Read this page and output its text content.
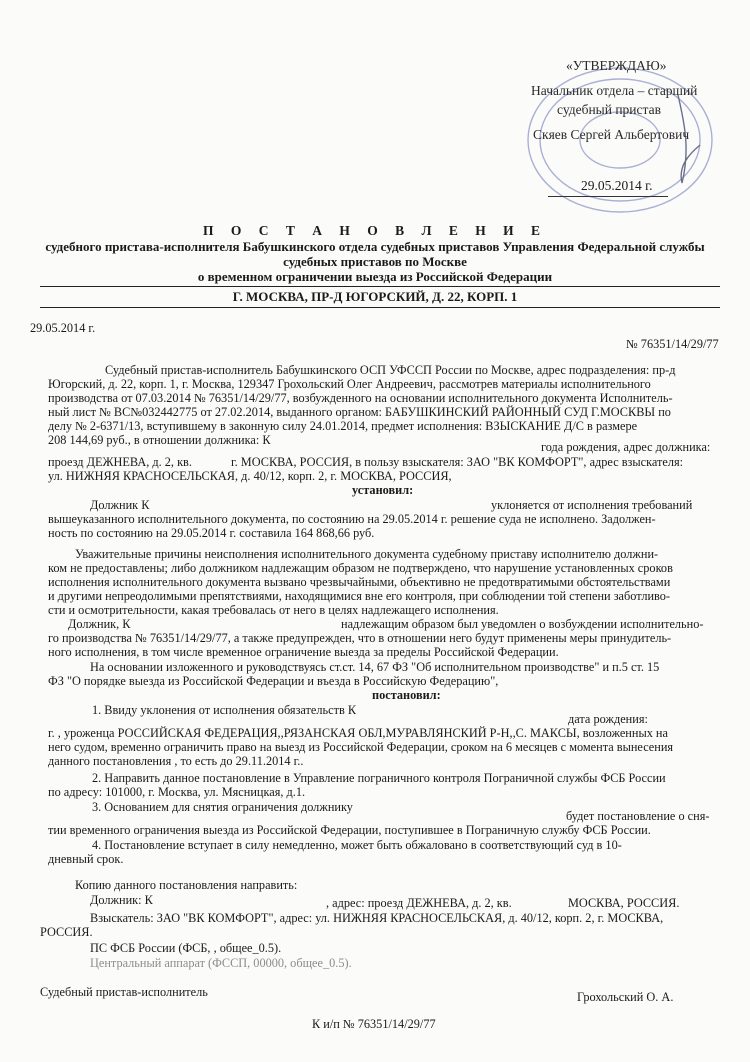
«УТВЕРЖДАЮ»
Начальник отдела – старший
судебный пристав
Скяев Сергей Альбертович
29.05.2014 г.
П О С Т А Н О В Л Е Н И Е
судебного пристава-исполнителя Бабушкинского отдела судебных приставов Управления Федеральной службы
судебных приставов по Москве
о временном ограничении выезда из Российской Федерации
Г. МОСКВА, ПР-Д ЮГОРСКИЙ, Д. 22, КОРП. 1
29.05.2014 г.
№ 76351/14/29/77
Судебный пристав-исполнитель Бабушкинского ОСП УФССП России по Москве, адрес подразделения: пр-д
Югорский, д. 22, корп. 1, г. Москва, 129347 Грохольский Олег Андреевич, рассмотрев материалы исполнительного
производства от 07.03.2014 № 76351/14/29/77, возбужденного на основании исполнительного документа Исполнитель-
ный лист № ВС№032442775 от 27.02.2014, выданного органом: БАБУШКИНСКИЙ РАЙОННЫЙ СУД Г.МОСКВЫ по
делу № 2-6371/13, вступившему в законную силу 24.01.2014, предмет исполнения: ВЗЫСКАНИЕ Д/С в размере
208 144,69 руб., в отношении должника: К	года рождения, адрес должника:
проезд ДЕЖНЕВА, д. 2, кв.	г. МОСКВА, РОССИЯ, в пользу взыскателя: ЗАО "ВК КОМФОРТ", адрес взыскателя:
ул. НИЖНЯЯ КРАСНОСЕЛЬСКАЯ, д. 40/12, корп. 2, г. МОСКВА, РОССИЯ,
установил:
Должник К	уклоняется от исполнения требований
вышеуказанного исполнительного документа, по состоянию на 29.05.2014 г. решение суда не исполнено. Задолжен-
ность по состоянию на 29.05.2014 г. составила 164 868,66 руб.
Уважительные причины неисполнения исполнительного документа судебному приставу исполнителю должни-
ком не предоставлены; либо должником надлежащим образом не подтверждено, что нарушение установленных сроков
исполнения исполнительного документа вызвано чрезвычайными, объективно не предотвратимыми обстоятельствами
и другими непреодолимыми препятствиями, находящимися вне его контроля, при соблюдении той степени заботливо-
сти и осмотрительности, какая требовалась от него в целях надлежащего исполнения.
Должник, К	надлежащим образом был уведомлен о возбуждении исполнительно-
го производства № 76351/14/29/77, а также предупрежден, что в отношении него будут применены меры принудитель-
ного исполнения, в том числе временное ограничение выезда за пределы Российской Федерации.
На основании изложенного и руководствуясь ст.ст. 14, 67 ФЗ "Об исполнительном производстве" и п.5 ст. 15
ФЗ "О порядке выезда из Российской Федерации и въезда в Российскую Федерацию",
постановил:
1. Ввиду уклонения от исполнения обязательств К
дата рождения:
г. , уроженца РОССИЙСКАЯ ФЕДЕРАЦИЯ,,РЯЗАНСКАЯ ОБЛ,МУРАВЛЯНСКИЙ Р-Н,,С. МАКСЫ, возложенных на
него судом, временно ограничить право на выезд из Российской Федерации, сроком на 6 месяцев с момента вынесения
данного постановления , то есть до 29.11.2014 г..
2. Направить данное постановление в Управление пограничного контроля Пограничной службы ФСБ России
по адресу: 101000, г. Москва, ул. Мясницкая, д.1.
3. Основанием для снятия ограничения должнику
будет постановление о сня-
тии временного ограничения выезда из Российской Федерации, поступившее в Пограничную службу ФСБ России.
4. Постановление вступает в силу немедленно, может быть обжаловано в соответствующий суд в 10-
дневный срок.
Копию данного постановления направить:
Должник: К	, адрес: проезд ДЕЖНЕВА, д. 2, кв.	МОСКВА, РОССИЯ.
Взыскатель: ЗАО "ВК КОМФОРТ", адрес: ул. НИЖНЯЯ КРАСНОСЕЛЬСКАЯ, д. 40/12, корп. 2, г. МОСКВА,
РОССИЯ.
ПС ФСБ России (ФСБ, , общее_0.5).
Центральный аппарат (ФССП, 00000, общее_0.5).
Судебный пристав-исполнитель	Грохольский О. А.
К и/п № 76351/14/29/77
